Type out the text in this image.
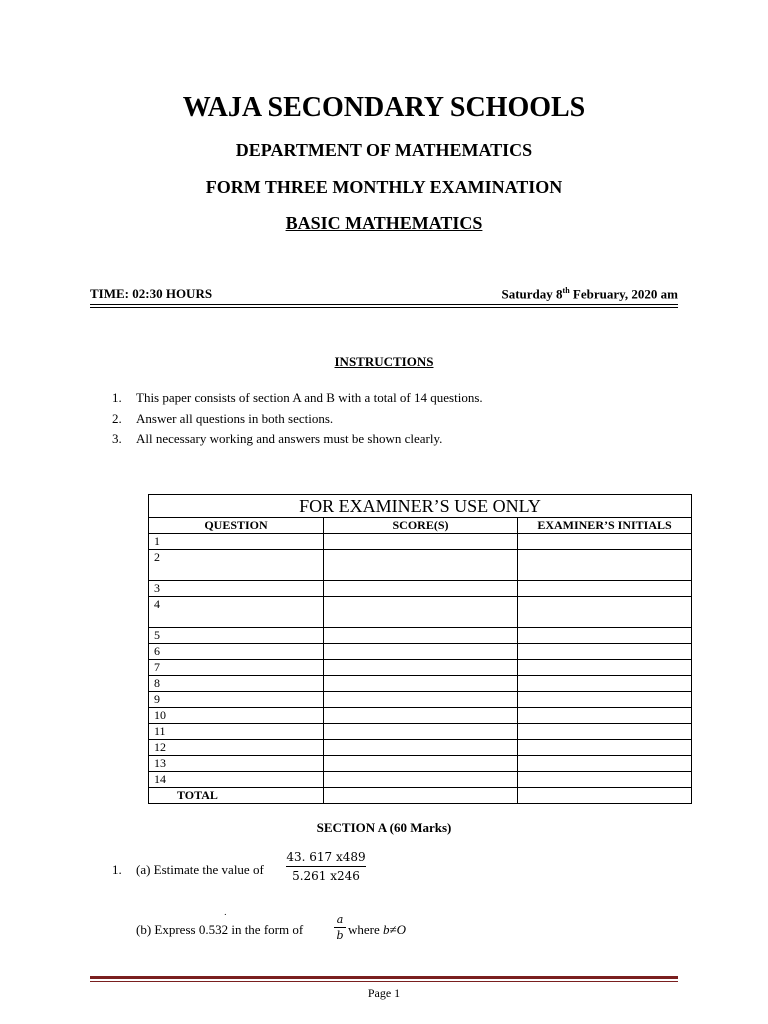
WAJA SECONDARY SCHOOLS
DEPARTMENT OF MATHEMATICS
FORM THREE MONTHLY EXAMINATION
BASIC MATHEMATICS
TIME: 02:30 HOURS	Saturday 8th February, 2020 am
INSTRUCTIONS
1. This paper consists of section A and B with a total of 14 questions.
2. Answer all questions in both sections.
3. All necessary working and answers must be shown clearly.
FOR EXAMINER’S USE ONLY		
QUESTION	SCORE(S)	EXAMINER’S INITIALS
1		
2		
3		
4		
5		
6		
7		
8		
9		
10		
11		
12		
13		
14		
TOTAL		
SECTION A (60 Marks)
1. (a) Estimate the value of
43. 617 x489
5.261 x246
(b) Express 0.53
˙
2 in the form of
a
b where b≠O
Page 1
